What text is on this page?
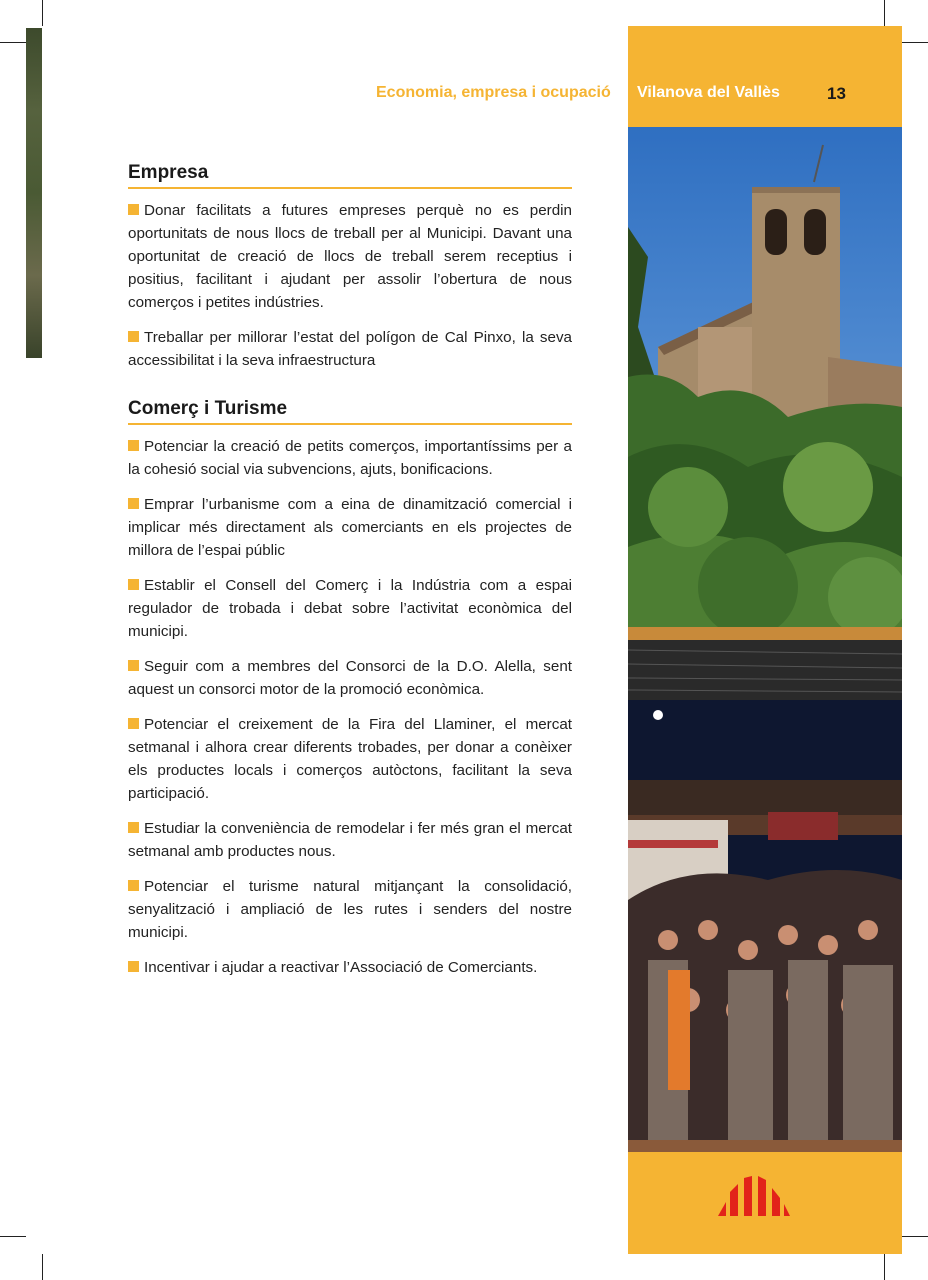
Economia, empresa i ocupació Vilanova del Vallès	13
Empresa

Donar facilitats a futures empreses perquè no es perdin oportunitats de nous llocs de treball per al Municipi. Davant una oportunitat de creació de llocs de treball serem receptius i positius, facilitant i ajudant per assolir l’obertura de nous comerços i petites indústries.

Treballar per millorar l’estat del polígon de Cal Pinxo, la seva accessibilitat i la seva infraestructura

Comerç i Turisme

Potenciar la creació de petits comerços, importantíssims per a la cohesió social via subvencions, ajuts, bonificacions.

Emprar l’urbanisme com a eina de dinamització comercial i implicar més directament als comerciants en els projectes de millora de l’espai públic

Establir el Consell del Comerç i la Indústria com a espai regulador de trobada i debat sobre l’activitat econòmica del municipi.

Seguir com a membres del Consorci de la D.O. Alella, sent aquest un consorci motor de la promoció econòmica.

Potenciar el creixement de la Fira del Llaminer, el mercat setmanal i alhora crear diferents trobades, per donar a conèixer els productes locals i comerços autòctons, facilitant la seva participació.

Estudiar la conveniència de remodelar i fer més gran el mercat setmanal amb productes nous.

Potenciar el turisme natural mitjançant la consolidació, senyalització i ampliació de les rutes i senders del nostre municipi.

Incentivar i ajudar a reactivar l’Associació de Comerciants.
